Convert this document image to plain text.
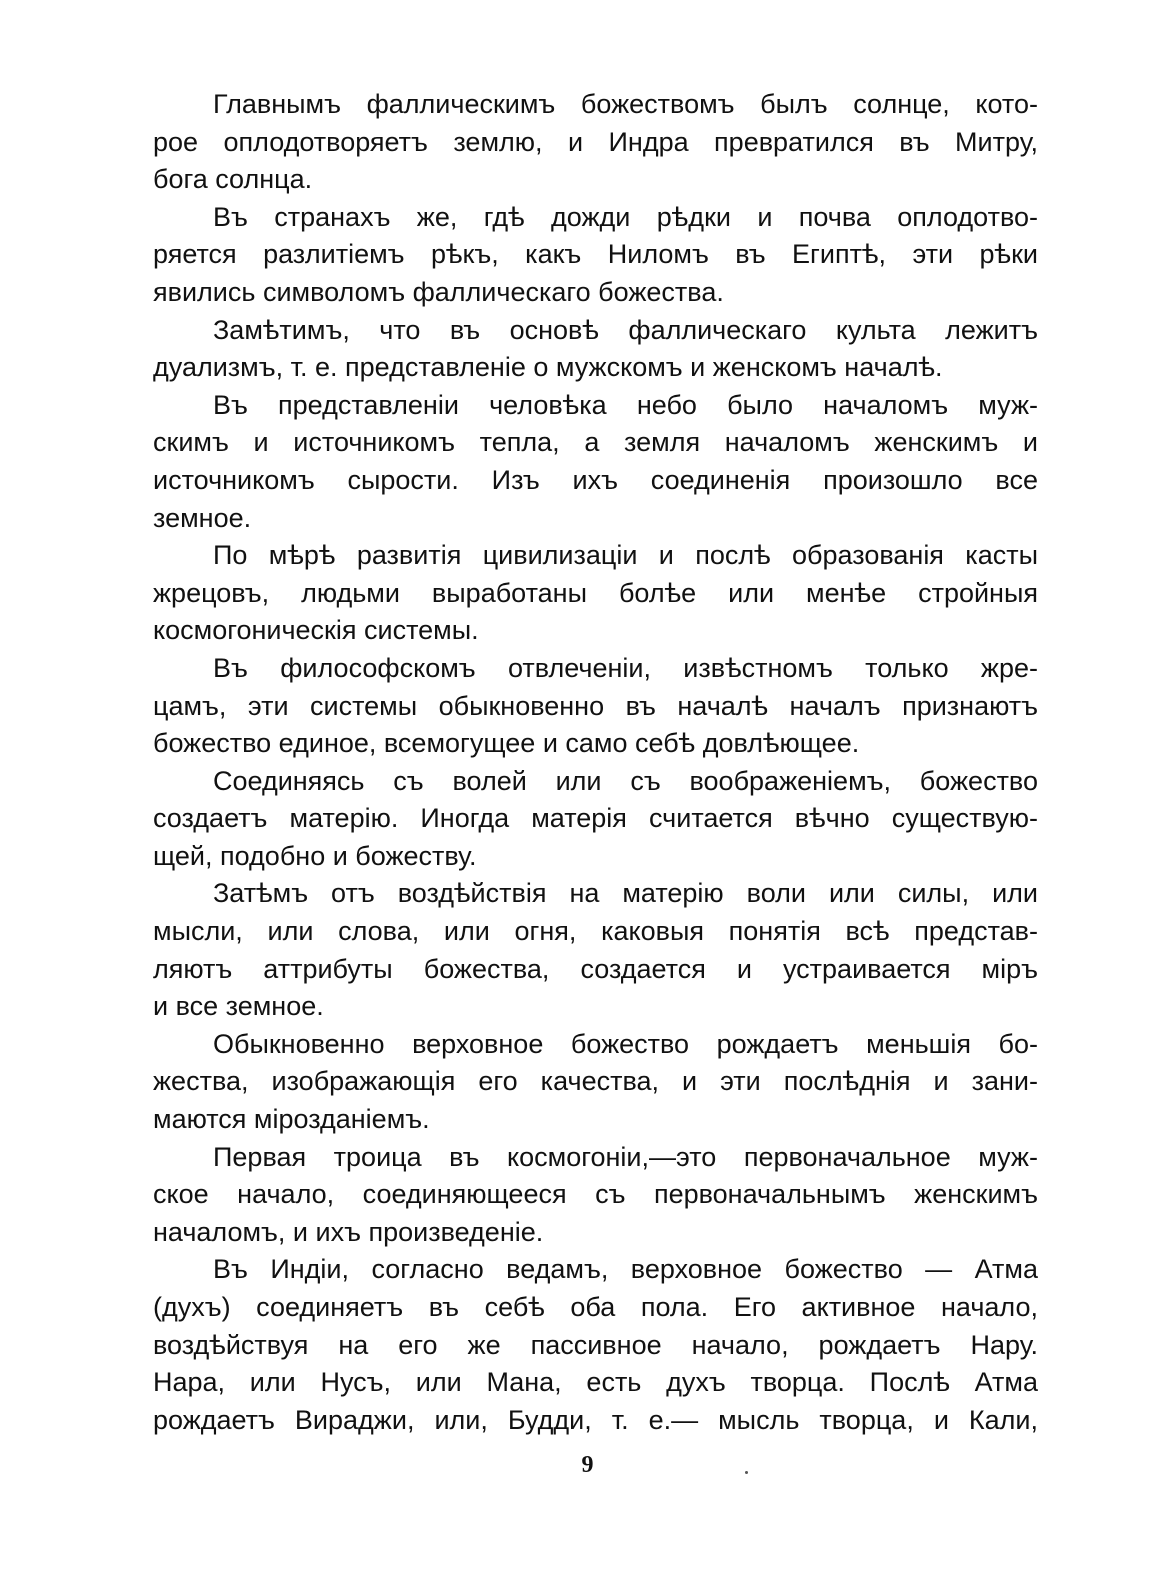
Главнымъ фаллическимъ божествомъ былъ солнце, кото-
рое оплодотворяетъ землю, и Индра превратился въ Митру,
бога солнца.
Въ странахъ же, гдѣ дожди рѣдки и почва оплодотво-
ряется разлитіемъ рѣкъ, какъ Ниломъ въ Египтѣ, эти рѣки
явились символомъ фаллическаго божества.
Замѣтимъ, что въ основѣ фаллическаго культа лежитъ
дуализмъ, т. е. представленіе о мужскомъ и женскомъ началѣ.
Въ представленіи человѣка небо было началомъ муж-
скимъ и источникомъ тепла, а земля началомъ женскимъ и
источникомъ сырости. Изъ ихъ соединенія произошло все
земное.
По мѣрѣ развитія цивилизаціи и послѣ образованія касты
жрецовъ, людьми выработаны болѣе или менѣе стройныя
космогоническія системы.
Въ философскомъ отвлеченіи, извѣстномъ только жре-
цамъ, эти системы обыкновенно въ началѣ началъ признаютъ
божество единое, всемогущее и само себѣ довлѣющее.
Соединяясь съ волей или съ воображеніемъ, божество
создаетъ матерію. Иногда матерія считается вѣчно существую-
щей, подобно и божеству.
Затѣмъ отъ воздѣйствія на матерію воли или силы, или
мысли, или слова, или огня, каковыя понятія всѣ представ-
ляютъ аттрибуты божества, создается и устраивается міръ
и все земное.
Обыкновенно верховное божество рождаетъ меньшія бо-
жества, изображающія его качества, и эти послѣднія и зани-
маются мірозданіемъ.
Первая троица въ космогоніи,—это первоначальное муж-
ское начало, соединяющееся съ первоначальнымъ женскимъ
началомъ, и ихъ произведеніе.
Въ Индіи, согласно ведамъ, верховное божество — Атма
(духъ) соединяетъ въ себѣ оба пола. Его активное начало,
воздѣйствуя на его же пассивное начало, рождаетъ Нару.
Нара, или Нусъ, или Мана, есть духъ творца. Послѣ Атма
рождаетъ Вираджи, или, Будди, т. е.— мысль творца, и Кали,
9
